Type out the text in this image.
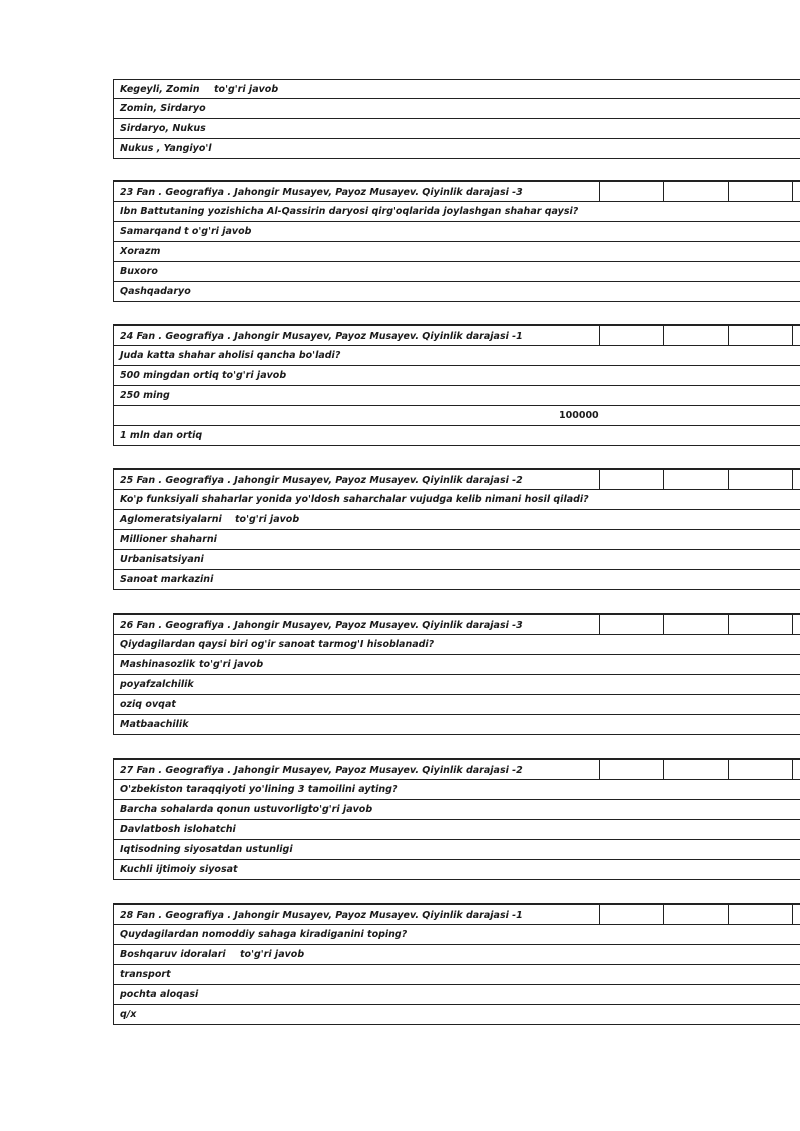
Kegeyli, Zomin to'g'ri javob
Zomin, Sirdaryo
Sirdaryo, Nukus
Nukus , Yangiyo'l
23 Fan . Geografiya . Jahongir Musayev, Payoz Musayev. Qiyinlik darajasi -3
Ibn Battutaning yozishicha Al-Qassirin daryosi qirg'oqlarida joylashgan shahar qaysi?
Samarqand t o'g'ri javob
Xorazm
Buxoro
Qashqadaryo
24 Fan . Geografiya . Jahongir Musayev, Payoz Musayev. Qiyinlik darajasi -1
Juda katta shahar aholisi qancha bo'ladi?
500 mingdan ortiq to'g'ri javob
250 ming
100000
1 mln dan ortiq
25 Fan . Geografiya . Jahongir Musayev, Payoz Musayev. Qiyinlik darajasi -2
Ko'p funksiyali shaharlar yonida yo'ldosh saharchalar vujudga kelib nimani hosil qiladi?
Aglomeratsiyalarni to'g'ri javob
Millioner shaharni
Urbanisatsiyani
Sanoat markazini
26 Fan . Geografiya . Jahongir Musayev, Payoz Musayev. Qiyinlik darajasi -3
Qiydagilardan qaysi biri og'ir sanoat tarmog'I hisoblanadi?
Mashinasozlik to'g'ri javob
poyafzalchilik
oziq ovqat
Matbaachilik
27 Fan . Geografiya . Jahongir Musayev, Payoz Musayev. Qiyinlik darajasi -2
O'zbekiston taraqqiyoti yo'lining 3 tamoilini ayting?
Barcha sohalarda qonun ustuvorligi
to'g'ri javob
Davlatbosh islohatchi
Iqtisodning siyosatdan ustunligi
Kuchli ijtimoiy siyosat
28 Fan . Geografiya . Jahongir Musayev, Payoz Musayev. Qiyinlik darajasi -1
Quydagilardan nomoddiy sahaga kiradiganini toping?
Boshqaruv idoralari to'g'ri javob
transport
pochta aloqasi
q/x
